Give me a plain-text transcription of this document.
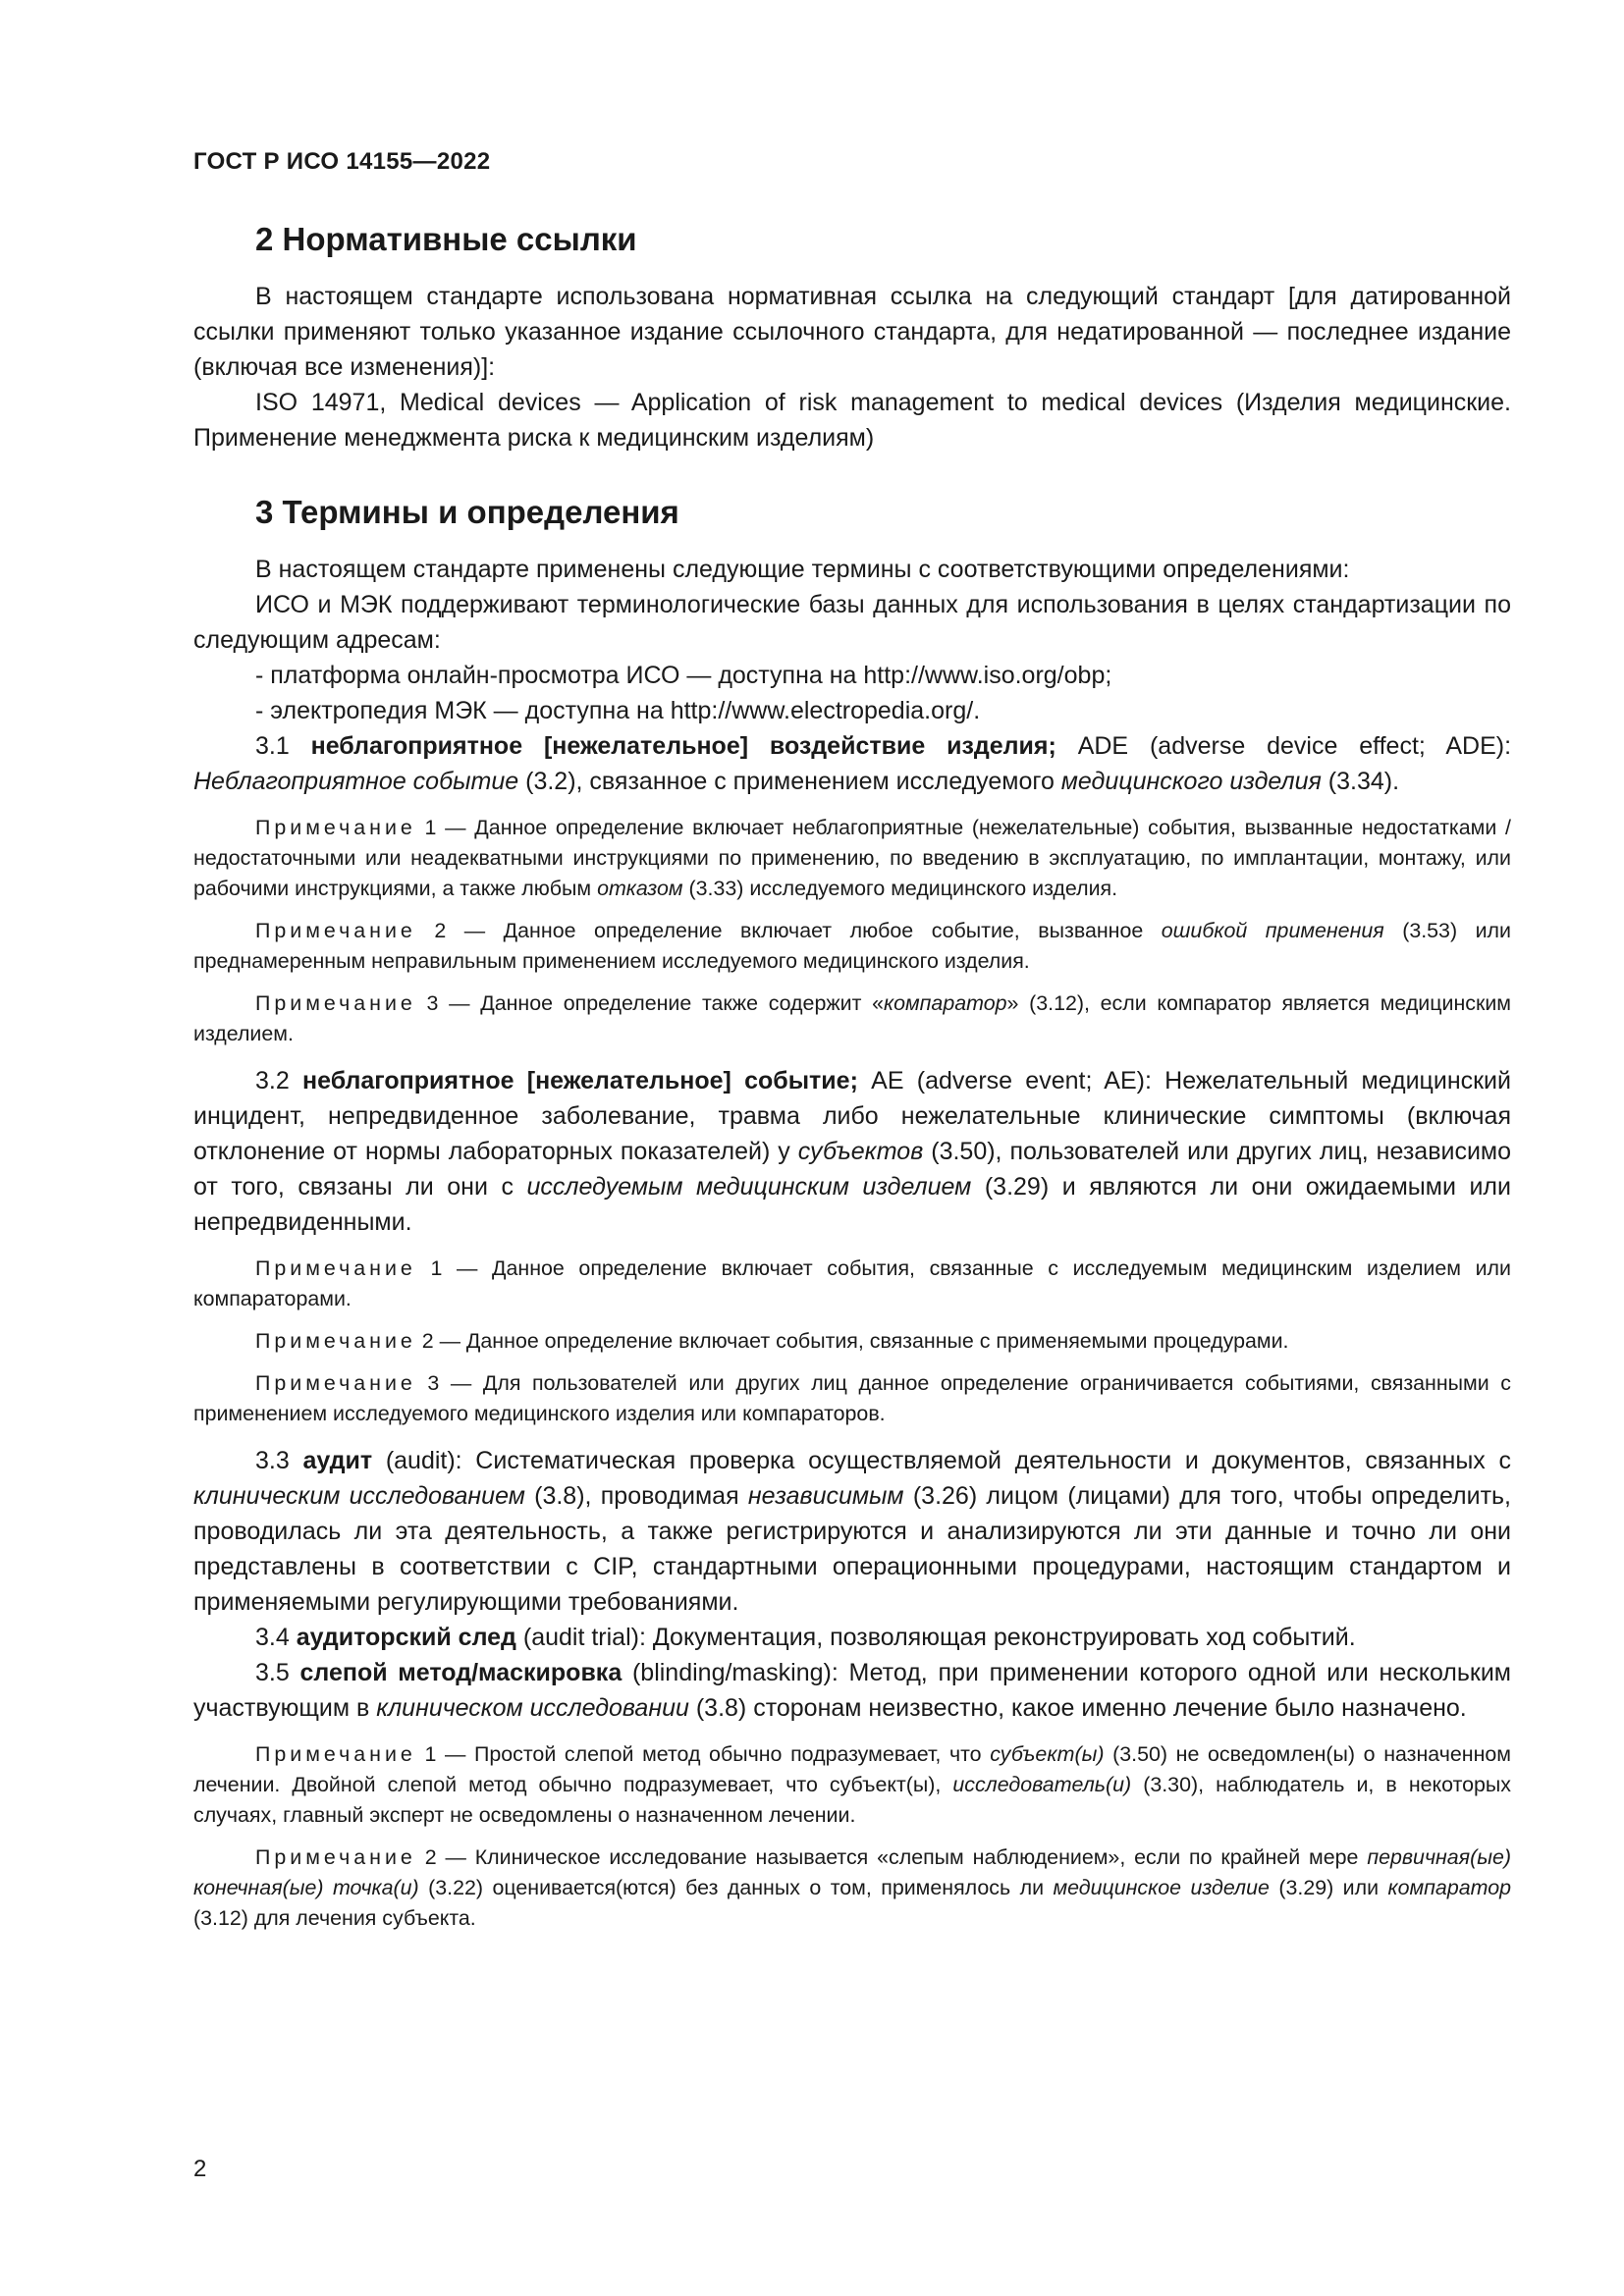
ГОСТ Р ИСО 14155—2022
2 Нормативные ссылки

В настоящем стандарте использована нормативная ссылка на следующий стандарт [для датированной ссылки применяют только указанное издание ссылочного стандарта, для недатированной — последнее издание (включая все изменения)]:

ISO 14971, Medical devices — Application of risk management to medical devices (Изделия медицинские. Применение менеджмента риска к медицинским изделиям)

3 Термины и определения

В настоящем стандарте применены следующие термины с соответствующими определениями:

ИСО и МЭК поддерживают терминологические базы данных для использования в целях стандартизации по следующим адресам:

- платформа онлайн-просмотра ИСО — доступна на http://www.iso.org/obp;

- электропедия МЭК — доступна на http://www.electropedia.org/.

3.1 неблагоприятное [нежелательное] воздействие изделия; ADE (adverse device effect; ADE): Неблагоприятное событие (3.2), связанное с применением исследуемого медицинского изделия (3.34).

Примечание 1 — Данное определение включает неблагоприятные (нежелательные) события, вызванные недостатками / недостаточными или неадекватными инструкциями по применению, по введению в эксплуатацию, по имплантации, монтажу, или рабочими инструкциями, а также любым отказом (3.33) исследуемого медицинского изделия.

Примечание 2 — Данное определение включает любое событие, вызванное ошибкой применения (3.53) или преднамеренным неправильным применением исследуемого медицинского изделия.

Примечание 3 — Данное определение также содержит «компаратор» (3.12), если компаратор является медицинским изделием.

3.2 неблагоприятное [нежелательное] событие; AE (adverse event; AE): Нежелательный медицинский инцидент, непредвиденное заболевание, травма либо нежелательные клинические симптомы (включая отклонение от нормы лабораторных показателей) у субъектов (3.50), пользователей или других лиц, независимо от того, связаны ли они с исследуемым медицинским изделием (3.29) и являются ли они ожидаемыми или непредвиденными.

Примечание 1 — Данное определение включает события, связанные с исследуемым медицинским изделием или компараторами.

Примечание 2 — Данное определение включает события, связанные с применяемыми процедурами.

Примечание 3 — Для пользователей или других лиц данное определение ограничивается событиями, связанными с применением исследуемого медицинского изделия или компараторов.

3.3 аудит (audit): Систематическая проверка осуществляемой деятельности и документов, связанных с клиническим исследованием (3.8), проводимая независимым (3.26) лицом (лицами) для того, чтобы определить, проводилась ли эта деятельность, а также регистрируются и анализируются ли эти данные и точно ли они представлены в соответствии с CIP, стандартными операционными процедурами, настоящим стандартом и применяемыми регулирующими требованиями.

3.4 аудиторский след (audit trial): Документация, позволяющая реконструировать ход событий.

3.5 слепой метод/маскировка (blinding/masking): Метод, при применении которого одной или нескольким участвующим в клиническом исследовании (3.8) сторонам неизвестно, какое именно лечение было назначено.

Примечание 1 — Простой слепой метод обычно подразумевает, что субъект(ы) (3.50) не осведомлен(ы) о назначенном лечении. Двойной слепой метод обычно подразумевает, что субъект(ы), исследователь(и) (3.30), наблюдатель и, в некоторых случаях, главный эксперт не осведомлены о назначенном лечении.

Примечание 2 — Клиническое исследование называется «слепым наблюдением», если по крайней мере первичная(ые) конечная(ые) точка(и) (3.22) оценивается(ются) без данных о том, применялось ли медицинское изделие (3.29) или компаратор (3.12) для лечения субъекта.

2
